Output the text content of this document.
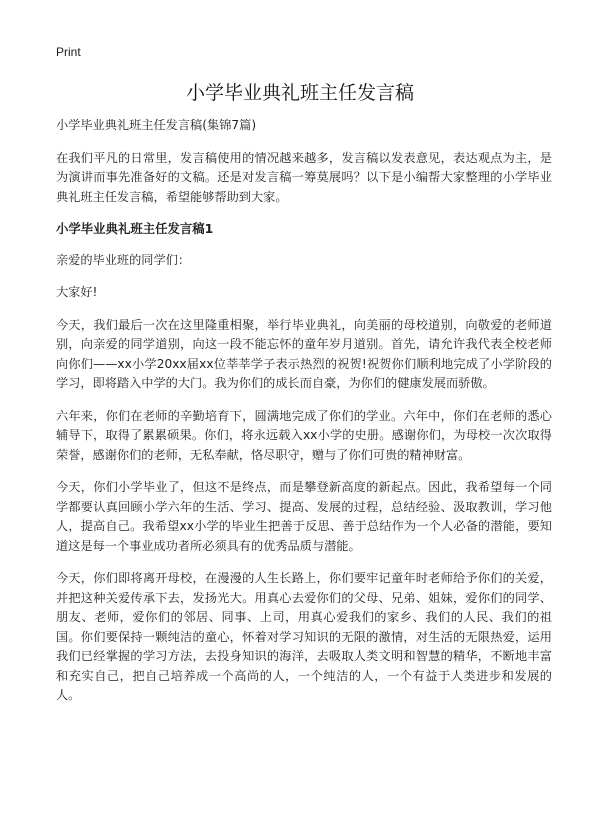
Print
小学毕业典礼班主任发言稿

小学毕业典礼班主任发言稿(集锦7篇)

在我们平凡的日常里，发言稿使用的情况越来越多，发言稿以发表意见，表达观点为主，是为演讲而事先准备好的文稿。还是对发言稿一筹莫展吗？以下是小编帮大家整理的小学毕业典礼班主任发言稿，希望能够帮助到大家。

小学毕业典礼班主任发言稿1

亲爱的毕业班的同学们：

大家好!

今天，我们最后一次在这里隆重相聚，举行毕业典礼，向美丽的母校道别，向敬爱的老师道别，向亲爱的同学道别，向这一段不能忘怀的童年岁月道别。首先，请允许我代表全校老师向你们——xx小学20xx届xx位莘莘学子表示热烈的祝贺!祝贺你们顺利地完成了小学阶段的学习，即将踏入中学的大门。我为你们的成长而自豪，为你们的健康发展而骄傲。

六年来，你们在老师的辛勤培育下，圆满地完成了你们的学业。六年中，你们在老师的悉心辅导下，取得了累累硕果。你们，将永远载入xx小学的史册。感谢你们，为母校一次次取得荣誉，感谢你们的老师，无私奉献，恪尽职守，赠与了你们可贵的精神财富。

今天，你们小学毕业了，但这不是终点，而是攀登新高度的新起点。因此，我希望每一个同学都要认真回顾小学六年的生活、学习、提高、发展的过程，总结经验、汲取教训，学习他人，提高自己。我希望xx小学的毕业生把善于反思、善于总结作为一个人必备的潜能，要知道这是每一个事业成功者所必须具有的优秀品质与潜能。

今天，你们即将离开母校，在漫漫的人生长路上，你们要牢记童年时老师给予你们的关爱，并把这种关爱传承下去，发扬光大。用真心去爱你们的父母、兄弟、姐妹，爱你们的同学、朋友、老师，爱你们的邻居、同事、上司，用真心爱我们的家乡、我们的人民、我们的祖国。你们要保持一颗纯洁的童心，怀着对学习知识的无限的激情，对生活的无限热爱，运用我们已经掌握的学习方法，去投身知识的海洋，去吸取人类文明和智慧的精华，不断地丰富和充实自己，把自己培养成一个高尚的人，一个纯洁的人，一个有益于人类进步和发展的人。
